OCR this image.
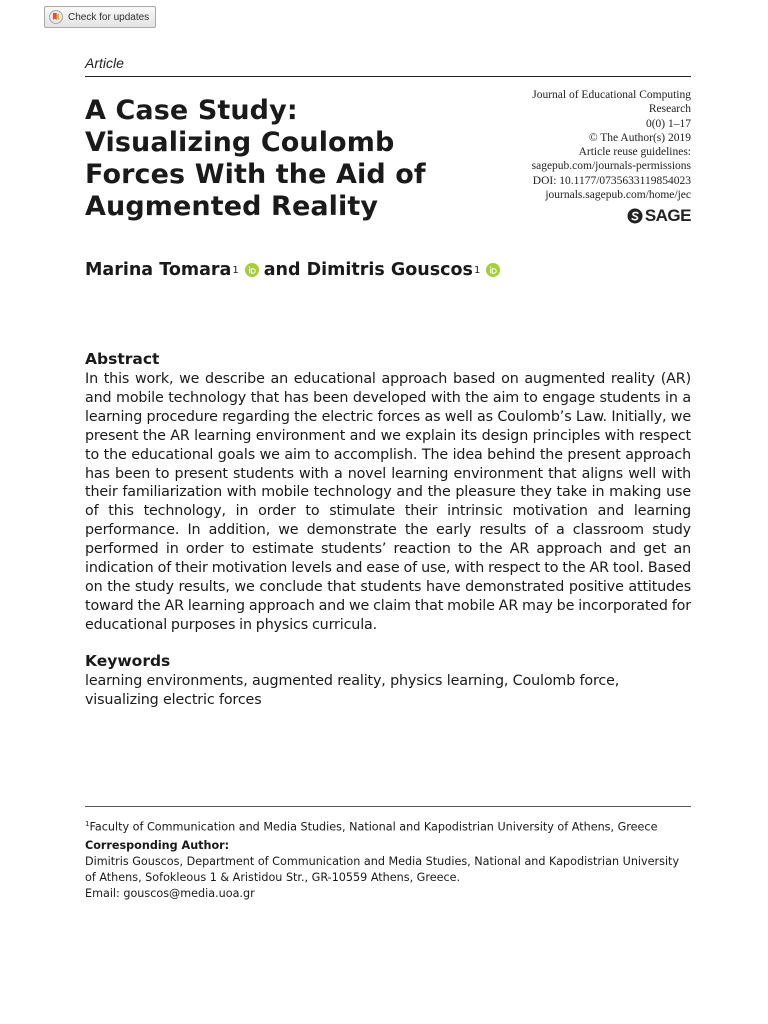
Check for updates
Article
A Case Study: Visualizing Coulomb Forces With the Aid of Augmented Reality
Journal of Educational Computing
Research
0(0) 1–17
© The Author(s) 2019
Article reuse guidelines:
sagepub.com/journals-permissions
DOI: 10.1177/0735633119854023
journals.sagepub.com/home/jec
SAGE
Marina Tomara$^1$ and
Dimitris Gouscos$^1$
Abstract

In this work, we describe an educational approach based on augmented reality (AR) and mobile technology that has been developed with the aim to engage students in a learning procedure regarding the electric forces as well as Coulomb’s Law. Initially, we present the AR learning environment and we explain its design principles with respect to the educational goals we aim to accomplish. The idea behind the present approach has been to present students with a novel learning environment that aligns well with their familiarization with mobile technology and the pleasure they take in making use of this technology, in order to stimulate their intrinsic motivation and learning performance. In addition, we demonstrate the early results of a classroom study performed in order to estimate students’ reaction to the AR approach and get an indication of their motivation levels and ease of use, with respect to the AR tool. Based on the study results, we conclude that students have demonstrated positive attitudes toward the AR learning approach and we claim that mobile AR may be incorporated for educational purposes in physics curricula.

Keywords

learning environments, augmented reality, physics learning, Coulomb force, visualizing electric forces

$^1$Faculty of Communication and Media Studies, National and Kapodistrian University of Athens, Greece

Corresponding Author:
Dimitris Gouscos, Department of Communication and Media Studies, National and Kapodistrian University of Athens, Sofokleous 1 & Aristidou Str., GR-10559 Athens, Greece.
Email: gouscos@media.uoa.gr
